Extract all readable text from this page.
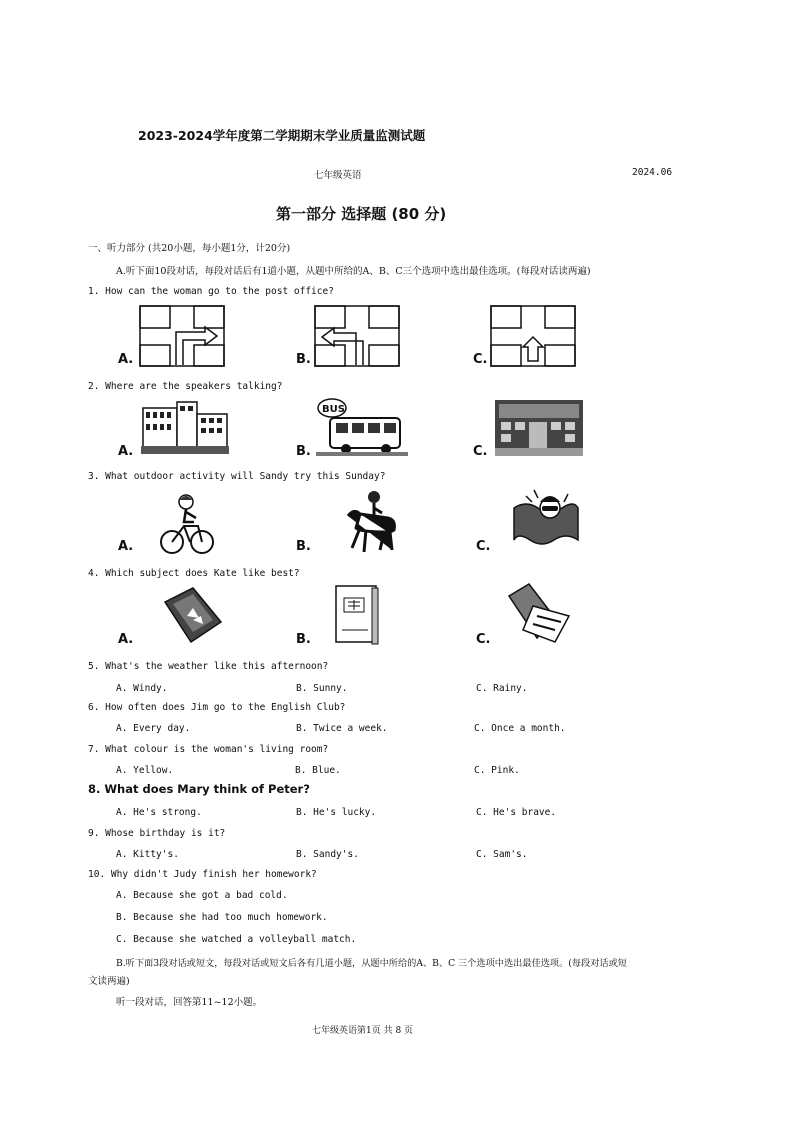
2023-2024学年度第二学期期末学业质量监测试题
七年级英语	2024.06
第一部分 选择题 (80 分)
一、听力部分 (共20小题，每小题1分，计20分)
A.听下面10段对话，每段对话后有1道小题，从题中所给的A、B、C三个选项中选出最佳选项。(每段对话读两遍)
1. How can the woman go to the post office?
A.	B.	C.
2. Where are the speakers talking?
A.	B.	C.
BUS
3. What outdoor activity will Sandy try this Sunday?
A.	B.	C.
4. Which subject does Kate like best?
A.	B.	C.
5. What's the weather like this afternoon?
A. Windy.	B. Sunny.	C. Rainy.
6. How often does Jim go to the English Club?
A. Every day.	B. Twice a week.	C. Once a month.
7. What colour is the woman's living room?
A. Yellow.	B. Blue.	C. Pink.
8. What does Mary think of Peter?
A. He's strong.	B. He's lucky.	C. He's brave.
9. Whose birthday is it?
A. Kitty's.	B. Sandy's.	C. Sam's.
10. Why didn't Judy finish her homework?
A. Because she got a bad cold.
B. Because she had too much homework.
C. Because she watched a volleyball match.
B.听下面3段对话或短文，每段对话或短文后各有几道小题，从题中所给的A、B、C 三个选项中选出最佳选项。(每段对话或短
文读两遍)
听一段对话，回答第11~12小题。
七年级英语第1页 共 8 页
